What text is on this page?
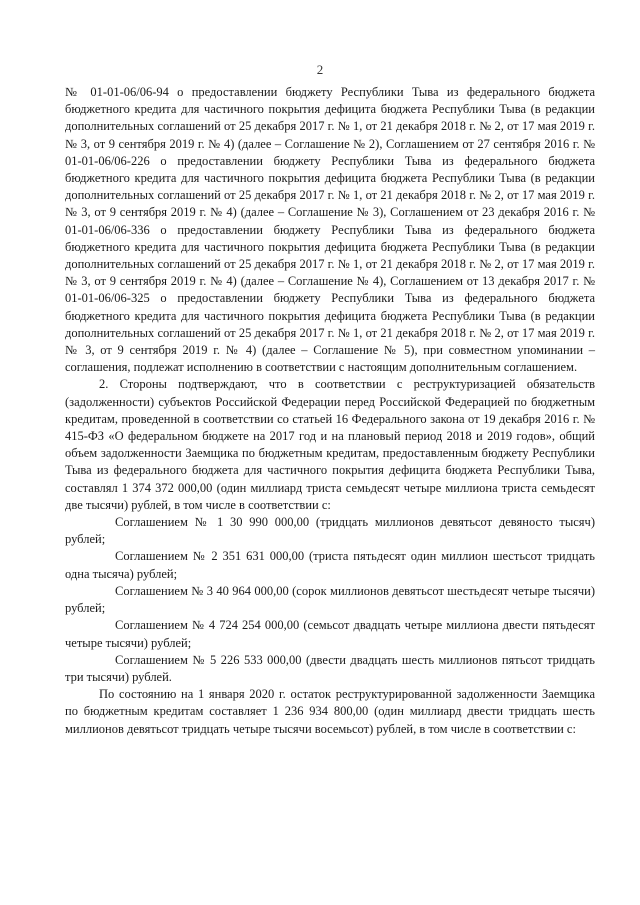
2

№ 01-01-06/06-94 о предоставлении бюджету Республики Тыва из федерального бюджета бюджетного кредита для частичного покрытия дефицита бюджета Республики Тыва (в редакции дополнительных соглашений от 25 декабря 2017 г. № 1, от 21 декабря 2018 г. № 2, от 17 мая 2019 г. № 3, от 9 сентября 2019 г. № 4) (далее – Соглашение № 2), Соглашением от 27 сентября 2016 г. № 01-01-06/06-226 о предоставлении бюджету Республики Тыва из федерального бюджета бюджетного кредита для частичного покрытия дефицита бюджета Республики Тыва (в редакции дополнительных соглашений от 25 декабря 2017 г. № 1, от 21 декабря 2018 г. № 2, от 17 мая 2019 г. № 3, от 9 сентября 2019 г. № 4) (далее – Соглашение № 3), Соглашением от 23 декабря 2016 г. № 01-01-06/06-336 о предоставлении бюджету Республики Тыва из федерального бюджета бюджетного кредита для частичного покрытия дефицита бюджета Республики Тыва (в редакции дополнительных соглашений от 25 декабря 2017 г. № 1, от 21 декабря 2018 г. № 2, от 17 мая 2019 г. № 3, от 9 сентября 2019 г. № 4) (далее – Соглашение № 4), Соглашением от 13 декабря 2017 г. № 01-01-06/06-325 о предоставлении бюджету Республики Тыва из федерального бюджета бюджетного кредита для частичного покрытия дефицита бюджета Республики Тыва (в редакции дополнительных соглашений от 25 декабря 2017 г. № 1, от 21 декабря 2018 г. № 2, от 17 мая 2019 г. № 3, от 9 сентября 2019 г. № 4) (далее – Соглашение № 5), при совместном упоминании – соглашения, подлежат исполнению в соответствии с настоящим дополнительным соглашением.

2. Стороны подтверждают, что в соответствии с реструктуризацией обязательств (задолженности) субъектов Российской Федерации перед Российской Федерацией по бюджетным кредитам, проведенной в соответствии со статьей 16 Федерального закона от 19 декабря 2016 г. № 415-ФЗ «О федеральном бюджете на 2017 год и на плановый период 2018 и 2019 годов», общий объем задолженности Заемщика по бюджетным кредитам, предоставленным бюджету Республики Тыва из федерального бюджета для частичного покрытия дефицита бюджета Республики Тыва, составлял 1 374 372 000,00 (один миллиард триста семьдесят четыре миллиона триста семьдесят две тысячи) рублей, в том числе в соответствии с:

Соглашением № 1 30 990 000,00 (тридцать миллионов девятьсот девяносто тысяч) рублей;

Соглашением № 2 351 631 000,00 (триста пятьдесят один миллион шестьсот тридцать одна тысяча) рублей;

Соглашением № 3 40 964 000,00 (сорок миллионов девятьсот шестьдесят четыре тысячи) рублей;

Соглашением № 4 724 254 000,00 (семьсот двадцать четыре миллиона двести пятьдесят четыре тысячи) рублей;

Соглашением № 5 226 533 000,00 (двести двадцать шесть миллионов пятьсот тридцать три тысячи) рублей.

По состоянию на 1 января 2020 г. остаток реструктурированной задолженности Заемщика по бюджетным кредитам составляет 1 236 934 800,00 (один миллиард двести тридцать шесть миллионов девятьсот тридцать четыре тысячи восемьсот) рублей, в том числе в соответствии с:
